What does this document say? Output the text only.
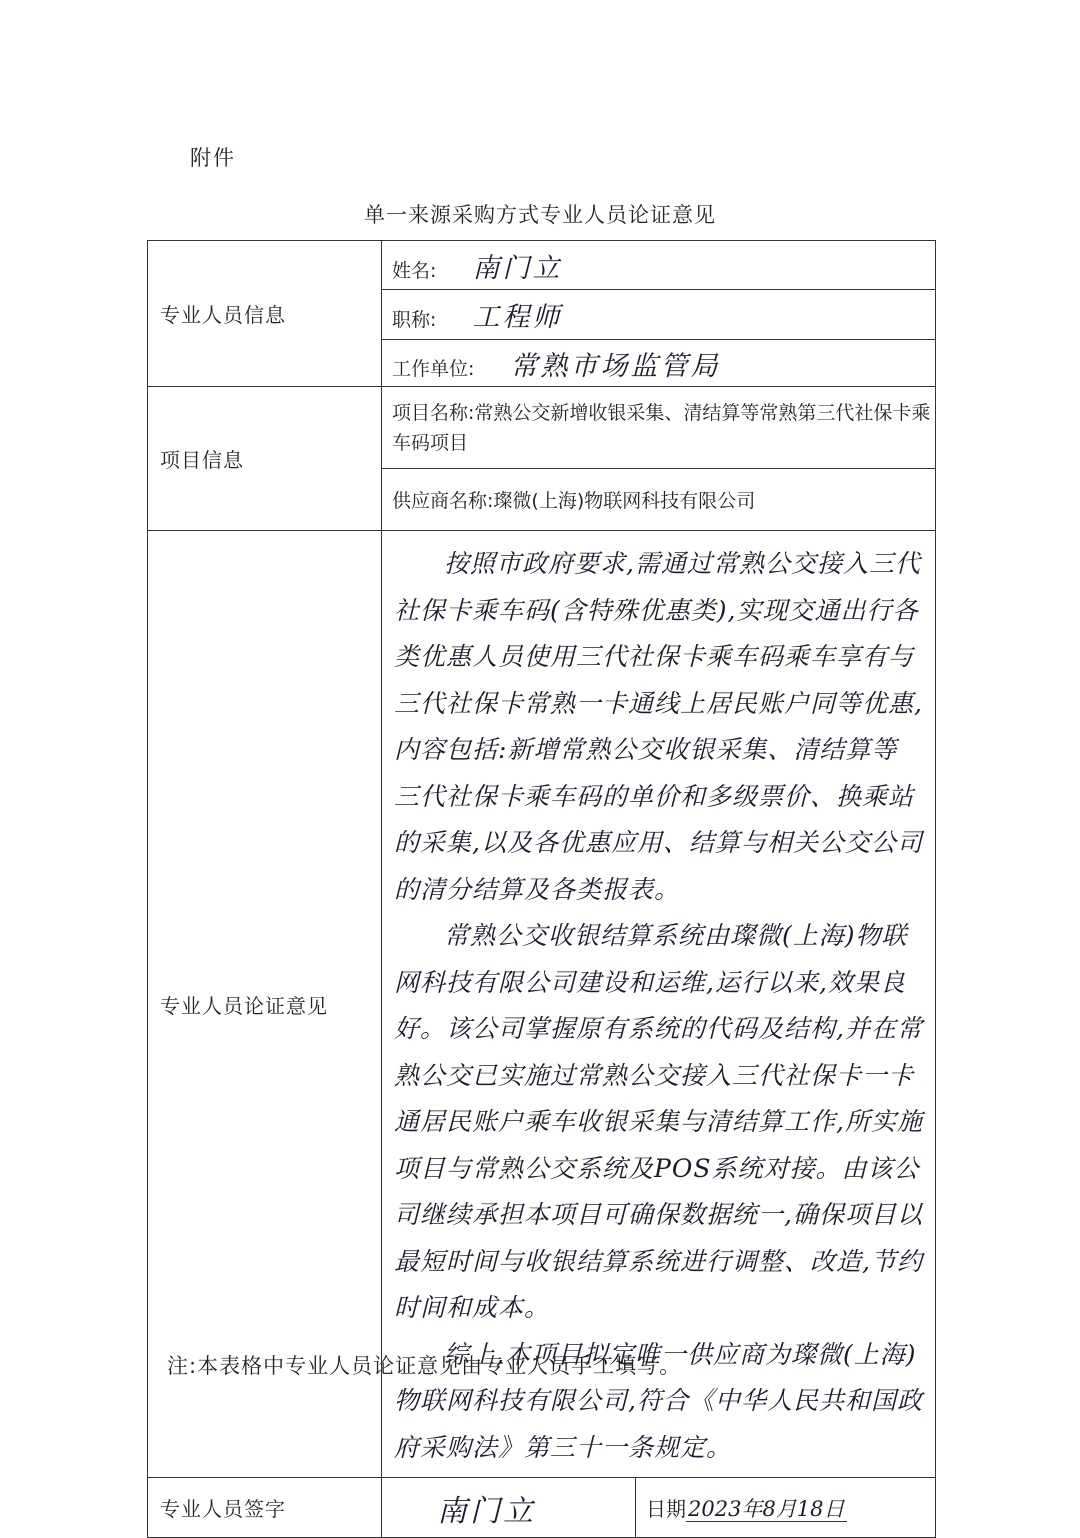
附件
单一来源采购方式专业人员论证意见
专业人员信息	姓名: 南门立	
	职称: 工程师	
	工作单位: 常熟市场监管局	
项目信息	项目名称:常熟公交新增收银采集、清结算等常熟第三代社保卡乘车码项目	
	供应商名称:璨微(上海)物联网科技有限公司	
专业人员论证意见	按照市政府要求,需通过常熟公交接入三代社保卡乘车码(含特殊优惠类),实现交通出行各类优惠人员使用三代社保卡乘车码乘车享有与三代社保卡常熟一卡通线上居民账户同等优惠,内容包括:新增常熟公交收银采集、清结算等三代社保卡乘车码的单价和多级票价、换乘站的采集,以及各优惠应用、结算与相关公交公司的清分结算及各类报表。

常熟公交收银结算系统由璨微(上海)物联网科技有限公司建设和运维,运行以来,效果良好。该公司掌握原有系统的代码及结构,并在常熟公交已实施过常熟公交接入三代社保卡一卡通居民账户乘车收银采集与清结算工作,所实施项目与常熟公交系统及POS系统对接。由该公司继续承担本项目可确保数据统一,确保项目以最短时间与收银结算系统进行调整、改造,节约时间和成本。

综上,本项目拟定唯一供应商为璨微(上海)物联网科技有限公司,符合《中华人民共和国政府采购法》第三十一条规定。	

专业人员签字	南门立	日期2023年8月18日
注:本表格中专业人员论证意见由专业人员手工填写。
